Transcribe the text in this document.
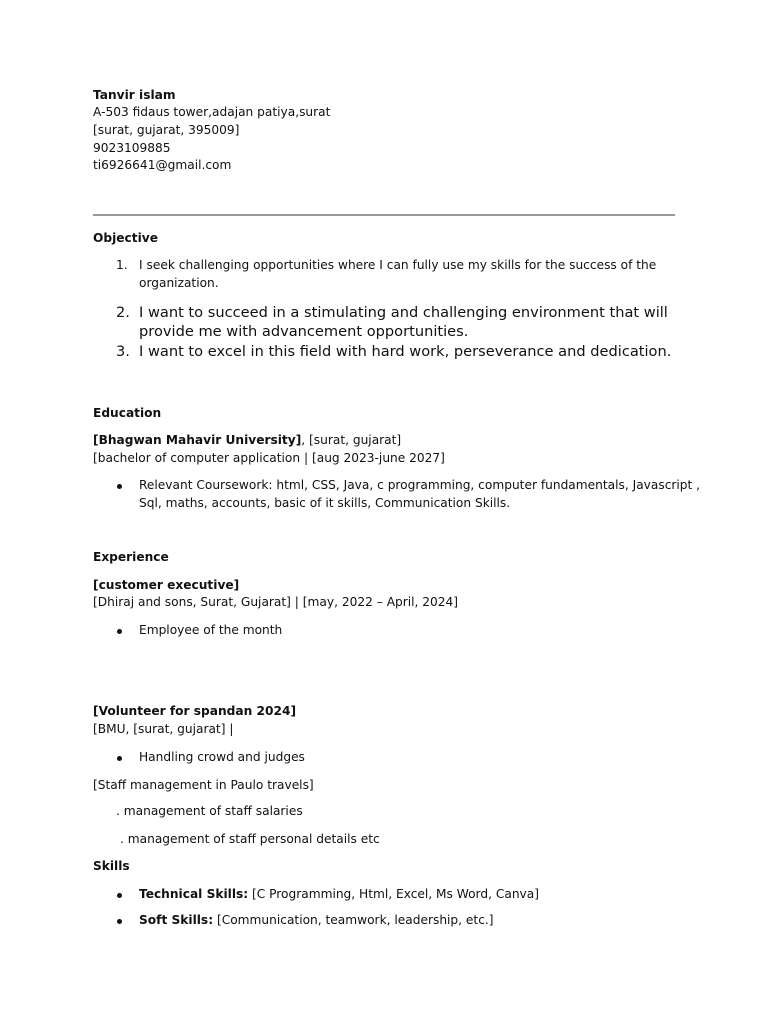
Tanvir islam
A-503 fidaus tower,adajan patiya,surat
[surat, gujarat, 395009]
9023109885
ti6926641@gmail.com
Objective
1. I seek challenging opportunities where I can fully use my skills for the success of the
organization.
2. I want to succeed in a stimulating and challenging environment that will
provide me with advancement opportunities.
3. I want to excel in this field with hard work, perseverance and dedication.
Education
[Bhagwan Mahavir University], [surat, gujarat]
[bachelor of computer application | [aug 2023-june 2027]
Relevant Coursework: html, CSS, Java, c programming, computer fundamentals, Javascript ,
Sql, maths, accounts, basic of it skills, Communication Skills.
Experience
[customer executive]
[Dhiraj and sons, Surat, Gujarat] | [may, 2022 – April, 2024]
Employee of the month
[Volunteer for spandan 2024]
[BMU, [surat, gujarat] |
Handling crowd and judges
[Staff management in Paulo travels]
. management of staff salaries
. management of staff personal details etc
Skills
Technical Skills: [C Programming, Html, Excel, Ms Word, Canva]
Soft Skills: [Communication, teamwork, leadership, etc.]
